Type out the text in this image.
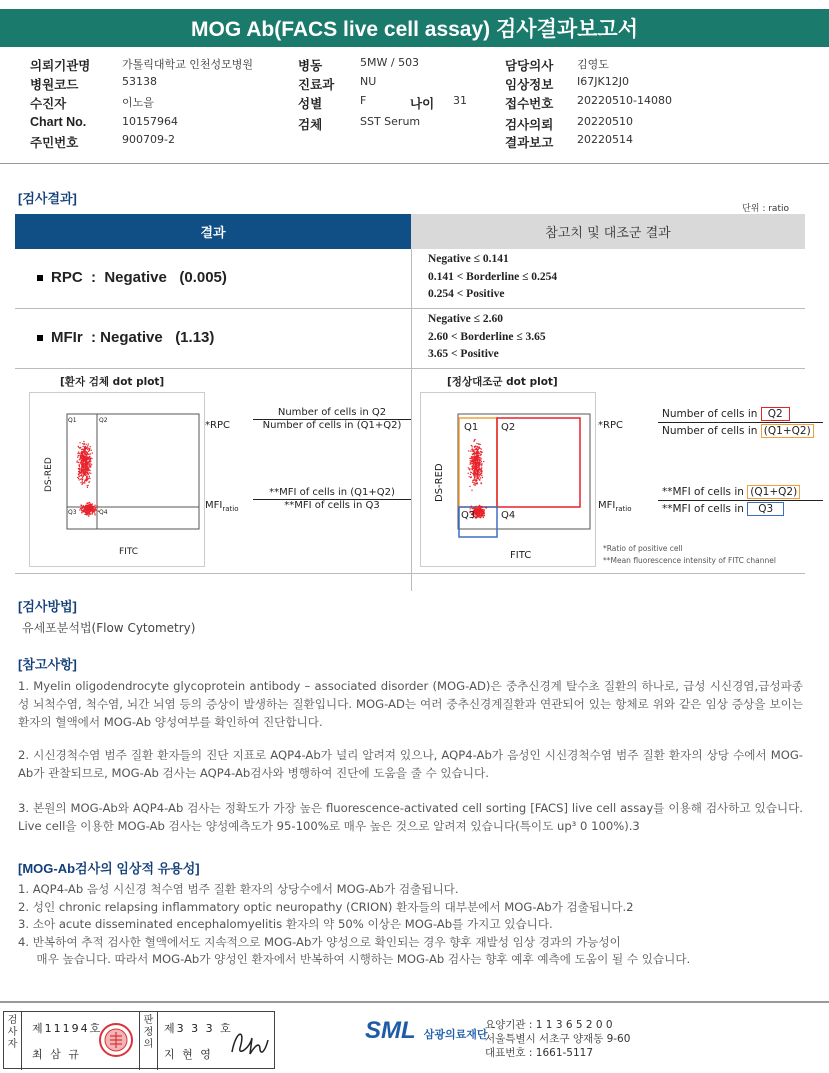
MOG Ab(FACS live cell assay) 검사결과보고서
의뢰기관명	가톨릭대학교 인천성모병원	병동	5MW / 503	담당의사 김영도
병원코드	53138	진료과 NU	임상정보 I67JK12J0
수진자	이노을	성별	F	나이 31	접수번호 20220510-14080
Chart No.	10157964	검체	SST Serum	검사의뢰 20220510
주민번호	900709-2	결과보고 20220514
[검사결과]
단위 : ratio
결과	참고치 및 대조군 결과
RPC  :  Negative   (0.005)
Negative ≤ 0.141
0.141 < Borderline ≤ 0.254
0.254 < Positive
MFIr  : Negative   (1.13)
Negative ≤ 2.60
2.60 < Borderline ≤ 3.65
3.65 < Positive
[환자 검체 dot plot]	[정상대조군 dot plot]
Q1	Q2
Q3	Q4
FITC
DS-RED
*RPC
Number of cells in Q2
Number of cells in (Q1+Q2)
$MFI_{ratio}$
**MFI of cells in (Q1+Q2)
**MFI of cells in Q3
Q1 Q2
Q3	Q4
FITC
DS-RED
*RPC
Number of cells in Q2
Number of cells in (Q1+Q2)
$MFI_{ratio}$
**MFI of cells in (Q1+Q2)
**MFI of cells in Q3
*Ratio of positive cell
**Mean fluorescence intensity of FITC channel
[검사방법]
유세포분석법(Flow Cytometry)
[참고사항]
1. Myelin oligodendrocyte glycoprotein antibody – associated disorder (MOG-AD)은 중추신경계 탈수초 질환의 하나로, 급성 시신경염,급성파종성 뇌척수염, 척수염, 뇌간 뇌염 등의 증상이 발생하는 질환입니다. MOG-AD는 여러 중추신경계질환과 연관되어 있는 항체로 위와 같은 임상 증상을 보이는 환자의 혈액에서 MOG-Ab 양성여부를 확인하여 진단합니다.
2. 시신경척수염 범주 질환 환자들의 진단 지표로 AQP4-Ab가 널리 알려져 있으나, AQP4-Ab가 음성인 시신경척수염 범주 질환 환자의 상당 수에서 MOG-Ab가 관찰되므로, MOG-Ab 검사는 AQP4-Ab검사와 병행하여 진단에 도움을 줄 수 있습니다.
3. 본원의 MOG-Ab와 AQP4-Ab 검사는 정확도가 가장 높은 fluorescence-activated cell sorting [FACS] live cell assay를 이용해 검사하고 있습니다. Live cell을 이용한 MOG-Ab 검사는 양성예측도가 95-100%로 매우 높은 것으로 알려져 있습니다(특이도 up³ 0 100%).3
[MOG-Ab검사의 임상적 유용성]
1. AQP4-Ab 음성 시신경 척수염 범주 질환 환자의 상당수에서 MOG-Ab가 검출됩니다.
2. 성인 chronic relapsing inflammatory optic neuropathy (CRION) 환자들의 대부분에서 MOG-Ab가 검출됩니다.2
3. 소아 acute disseminated encephalomyelitis 환자의 약 50% 이상은 MOG-Ab를 가지고 있습니다.
4. 반복하여 추적 검사한 혈액에서도 지속적으로 MOG-Ab가 양성으로 확인되는 경우 향후 재발성 임상 경과의 가능성이
매우 높습니다. 따라서 MOG-Ab가 양성인 환자에서 반복하여 시행하는 MOG-Ab 검사는 향후 예후 예측에 도움이 될 수 있습니다.
검사자
제11194호
최 삼 규
판정의
제3 3 3 호
지 현 영
SML 삼광의료재단
요양기관 : 1 1 3 6 5 2 0 0
서울특별시 서초구 양재동 9-60
대표번호 : 1661-5117
